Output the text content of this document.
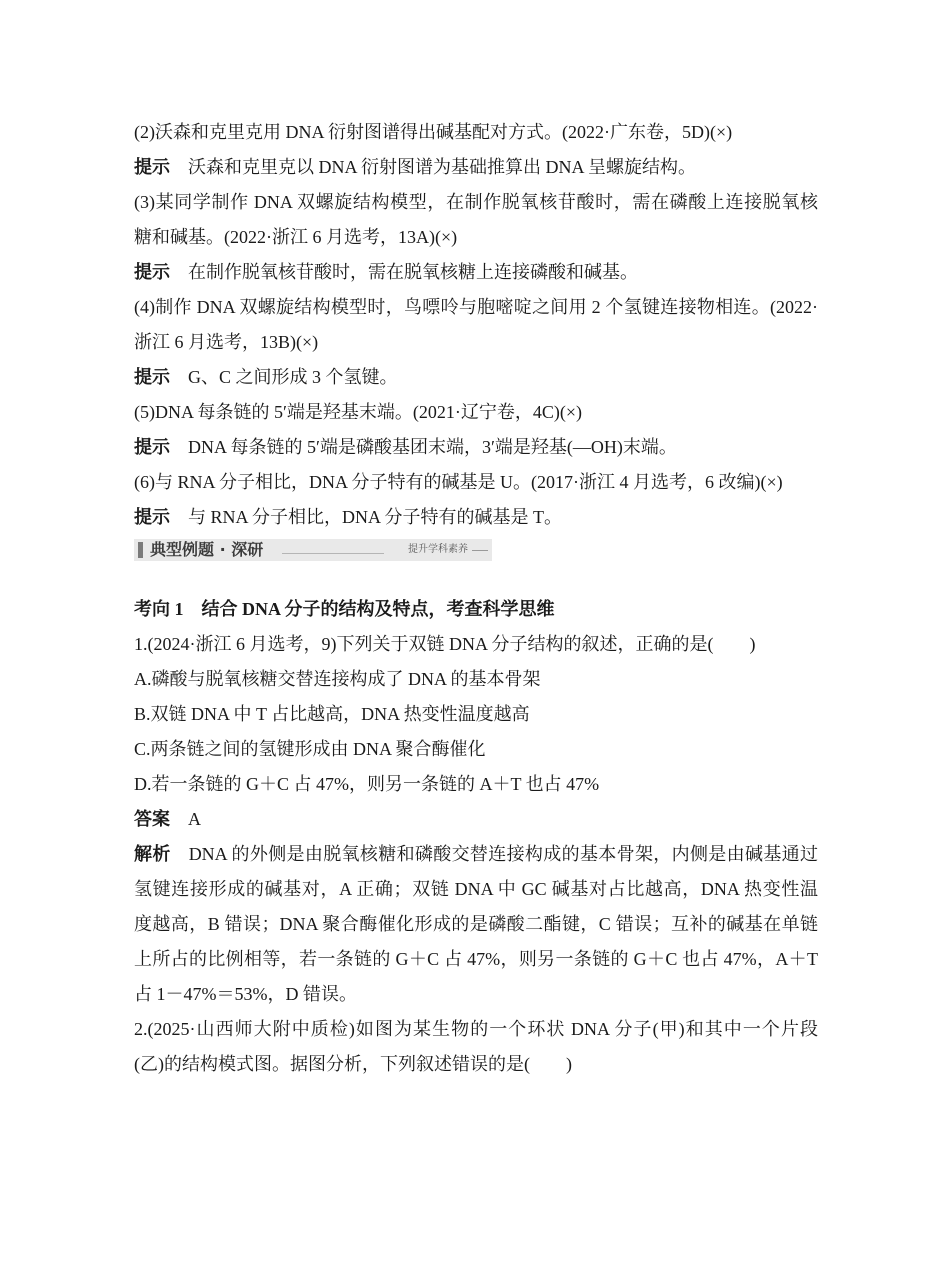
(2)沃森和克里克用 DNA 衍射图谱得出碱基配对方式。(2022·广东卷，5D)(×)
提示 沃森和克里克以 DNA 衍射图谱为基础推算出 DNA 呈螺旋结构。
(3)某同学制作 DNA 双螺旋结构模型，在制作脱氧核苷酸时，需在磷酸上连接脱氧核
糖和碱基。(2022·浙江 6 月选考，13A)(×)
提示 在制作脱氧核苷酸时，需在脱氧核糖上连接磷酸和碱基。
(4)制作 DNA 双螺旋结构模型时，鸟嘌呤与胞嘧啶之间用 2 个氢键连接物相连。(2022·
浙江 6 月选考，13B)(×)
提示 G、C 之间形成 3 个氢键。
(5)DNA 每条链的 5′端是羟基末端。(2021·辽宁卷，4C)(×)
提示 DNA 每条链的 5′端是磷酸基团末端，3′端是羟基(—OH)末端。
(6)与 RNA 分子相比，DNA 分子特有的碱基是 U。(2017·浙江 4 月选考，6 改编)(×)
提示 与 RNA 分子相比，DNA 分子特有的碱基是 T。
典型例题 · 深研	提升学科素养
考向 1　结合 DNA 分子的结构及特点，考查科学思维
1.(2024·浙江 6 月选考，9)下列关于双链 DNA 分子结构的叙述，正确的是(　　)
A.磷酸与脱氧核糖交替连接构成了 DNA 的基本骨架
B.双链 DNA 中 T 占比越高，DNA 热变性温度越高
C.两条链之间的氢键形成由 DNA 聚合酶催化
D.若一条链的 G＋C 占 47%，则另一条链的 A＋T 也占 47%
答案 A
解析 DNA 的外侧是由脱氧核糖和磷酸交替连接构成的基本骨架，内侧是由碱基通过
氢键连接形成的碱基对，A 正确；双链 DNA 中 GC 碱基对占比越高，DNA 热变性温
度越高，B 错误；DNA 聚合酶催化形成的是磷酸二酯键，C 错误；互补的碱基在单链
上所占的比例相等，若一条链的 G＋C 占 47%，则另一条链的 G＋C 也占 47%，A＋T
占 1－47%＝53%，D 错误。
2.(2025·山西师大附中质检)如图为某生物的一个环状 DNA 分子(甲)和其中一个片段
(乙)的结构模式图。据图分析，下列叙述错误的是(　　)
